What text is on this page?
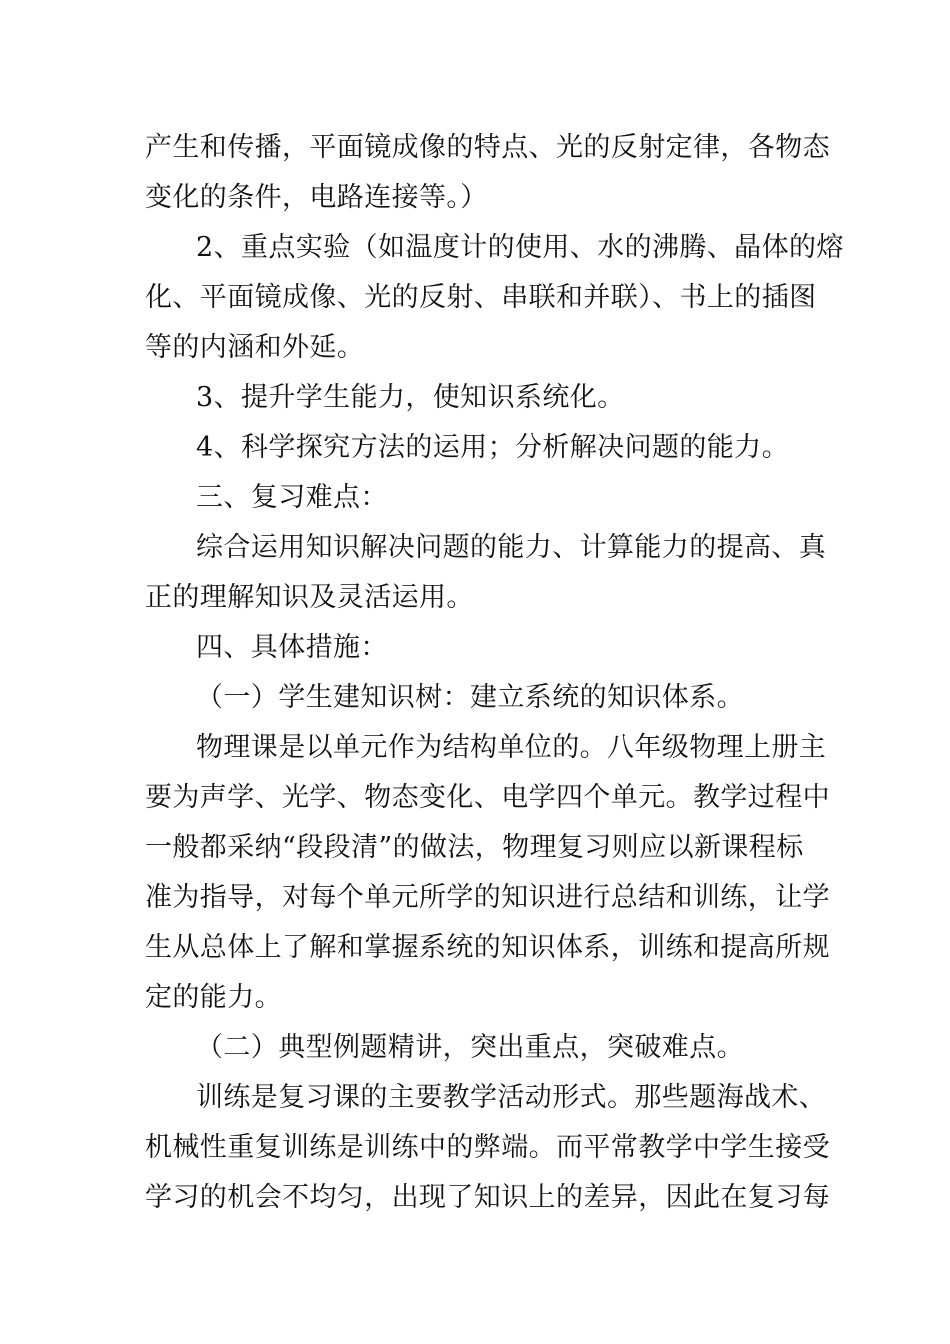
产生和传播，平面镜成像的特点、光的反射定律，各物态
变化的条件，电路连接等。）
2、重点实验（如温度计的使用、水的沸腾、晶体的熔
化、平面镜成像、光的反射、串联和并联）、书上的插图
等的内涵和外延。
3、提升学生能力，使知识系统化。
4、科学探究方法的运用；分析解决问题的能力。
三、复习难点：
综合运用知识解决问题的能力、计算能力的提高、真
正的理解知识及灵活运用。
四、具体措施：
（一）学生建知识树：建立系统的知识体系。
物理课是以单元作为结构单位的。八年级物理上册主
要为声学、光学、物态变化、电学四个单元。教学过程中
一般都采纳“段段清”的做法，物理复习则应以新课程标
准为指导，对每个单元所学的知识进行总结和训练，让学
生从总体上了解和掌握系统的知识体系，训练和提高所规
定的能力。
（二）典型例题精讲，突出重点，突破难点。
训练是复习课的主要教学活动形式。那些题海战术、
机械性重复训练是训练中的弊端。而平常教学中学生接受
学习的机会不均匀，出现了知识上的差异，因此在复习每
